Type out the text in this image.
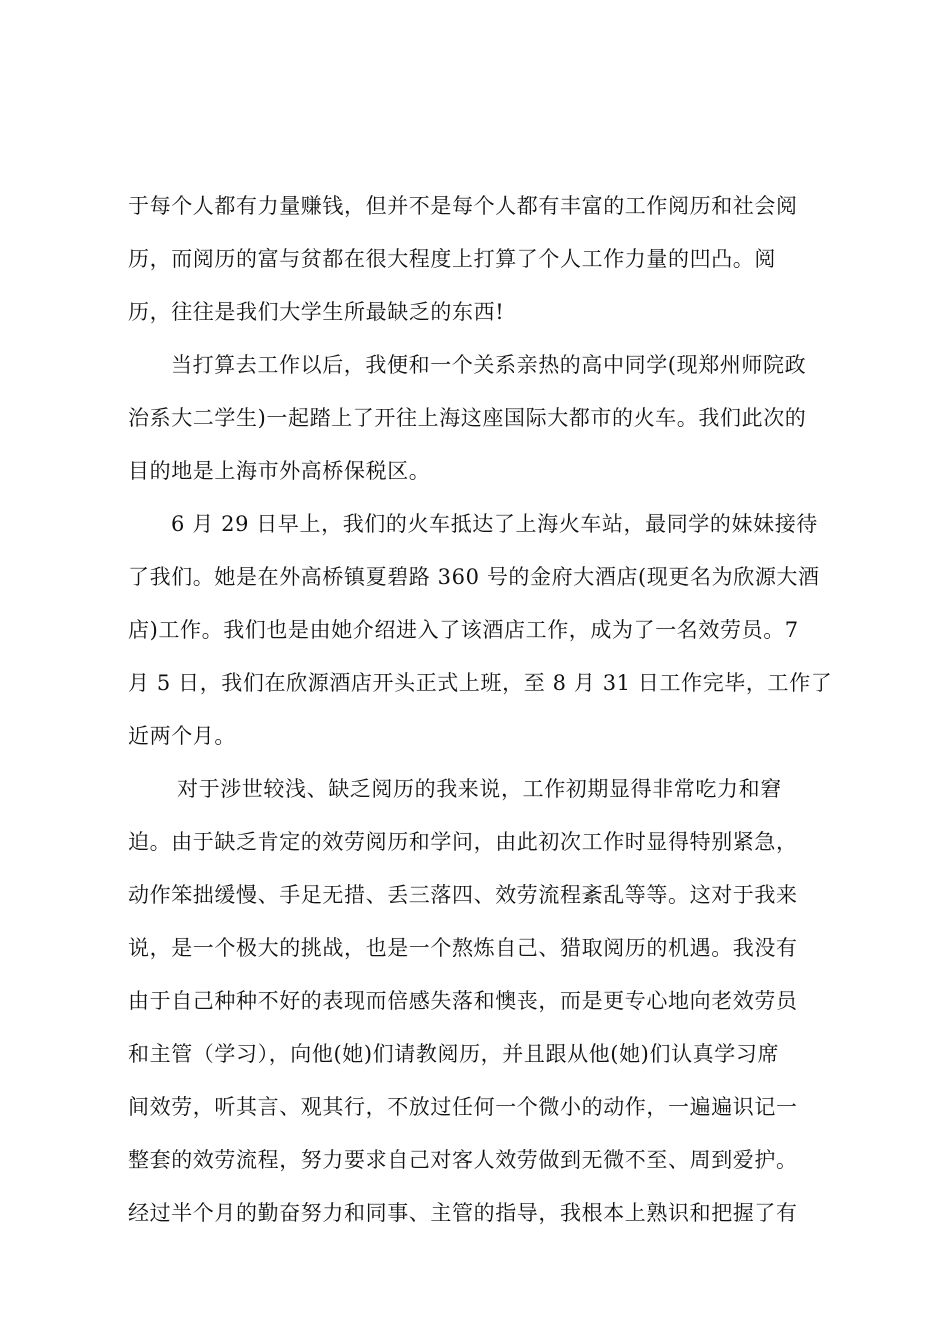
于每个人都有力量赚钱，但并不是每个人都有丰富的工作阅历和社会阅

历，而阅历的富与贫都在很大程度上打算了个人工作力量的凹凸。阅

历，往往是我们大学生所最缺乏的东西!

当打算去工作以后，我便和一个关系亲热的高中同学(现郑州师院政

治系大二学生)一起踏上了开往上海这座国际大都市的火车。我们此次的

目的地是上海市外高桥保税区。

6 月 29 日早上，我们的火车抵达了上海火车站，最同学的妹妹接待

了我们。她是在外高桥镇夏碧路 360 号的金府大酒店(现更名为欣源大酒

店)工作。我们也是由她介绍进入了该酒店工作，成为了一名效劳员。7

月 5 日，我们在欣源酒店开头正式上班，至 8 月 31 日工作完毕，工作了

近两个月。

对于涉世较浅、缺乏阅历的我来说，工作初期显得非常吃力和窘

迫。由于缺乏肯定的效劳阅历和学问，由此初次工作时显得特别紧急，

动作笨拙缓慢、手足无措、丢三落四、效劳流程紊乱等等。这对于我来

说，是一个极大的挑战，也是一个熬炼自己、猎取阅历的机遇。我没有

由于自己种种不好的表现而倍感失落和懊丧，而是更专心地向老效劳员

和主管（学习），向他(她)们请教阅历，并且跟从他(她)们认真学习席

间效劳，听其言、观其行，不放过任何一个微小的动作，一遍遍识记一

整套的效劳流程，努力要求自己对客人效劳做到无微不至、周到爱护。

经过半个月的勤奋努力和同事、主管的指导，我根本上熟识和把握了有
